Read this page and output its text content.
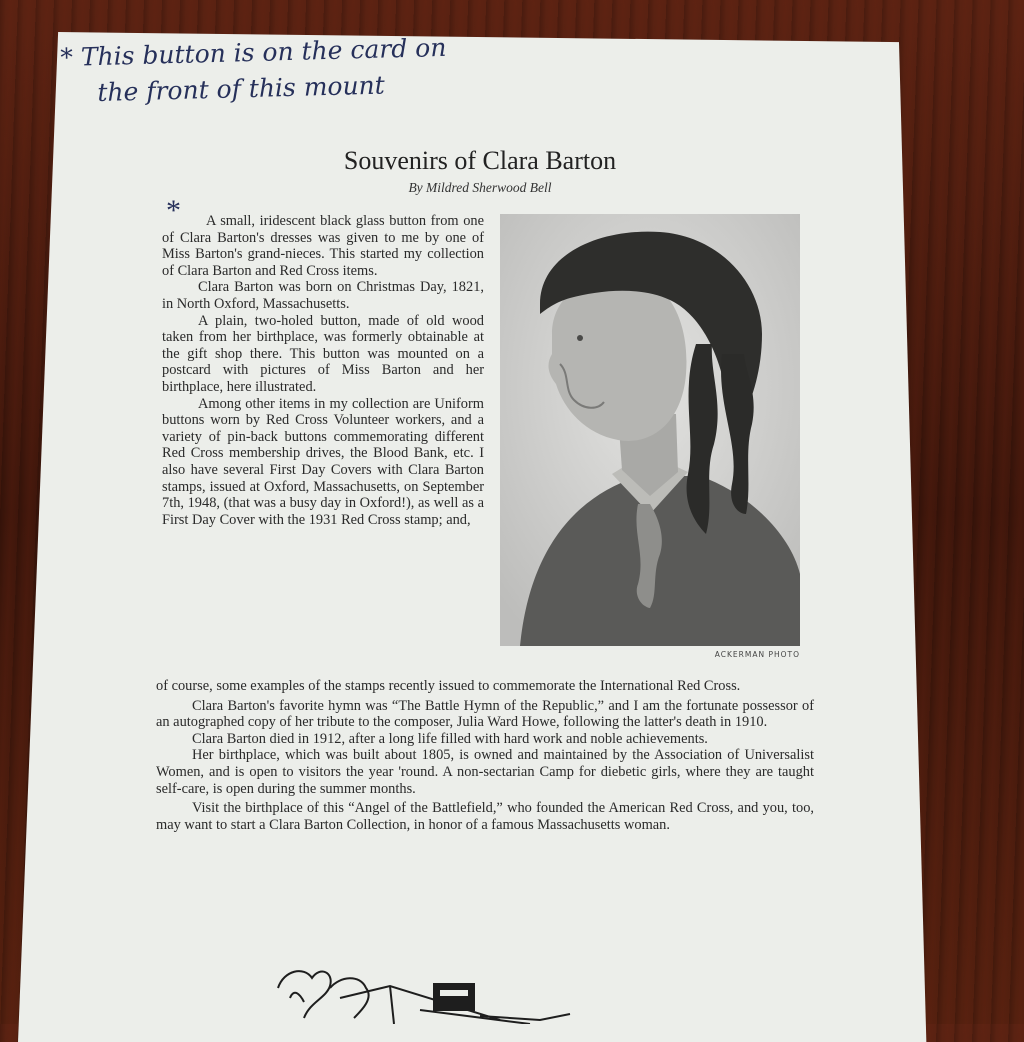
* This button is on the card on
the front of this mount
Souvenirs of Clara Barton
By Mildred Sherwood Bell
*	A small, iridescent black glass button from one of Clara Barton's dresses was given to me by one of Miss Barton's grand-nieces. This started my collection of Clara Barton and Red Cross items.

Clara Barton was born on Christmas Day, 1821, in North Oxford, Massachusetts.

A plain, two-holed button, made of old wood taken from her birthplace, was formerly obtainable at the gift shop there. This button was mounted on a postcard with pictures of Miss Barton and her birthplace, here illustrated.

Among other items in my collection are Uniform buttons worn by Red Cross Volunteer workers, and a variety of pin-back buttons commemorating different Red Cross membership drives, the Blood Bank, etc. I also have several First Day Covers with Clara Barton stamps, issued at Oxford, Massachusetts, on September 7th, 1948, (that was a busy day in Oxford!), as well as a First Day Cover with the 1931 Red Cross stamp; and,

ACKERMAN PHOTO

of course, some examples of the stamps recently issued to commemorate the International Red Cross.

Clara Barton's favorite hymn was “The Battle Hymn of the Republic,” and I am the fortunate possessor of an autographed copy of her tribute to the composer, Julia Ward Howe, following the latter's death in 1910.

Clara Barton died in 1912, after a long life filled with hard work and noble achievements.

Her birthplace, which was built about 1805, is owned and maintained by the Association of Universalist Women, and is open to visitors the year 'round. A non-sectarian Camp for diebetic girls, where they are taught self-care, is open during the summer months.

Visit the birthplace of this “Angel of the Battlefield,” who founded the American Red Cross, and you, too, may want to start a Clara Barton Collection, in honor of a famous Massachusetts woman.
